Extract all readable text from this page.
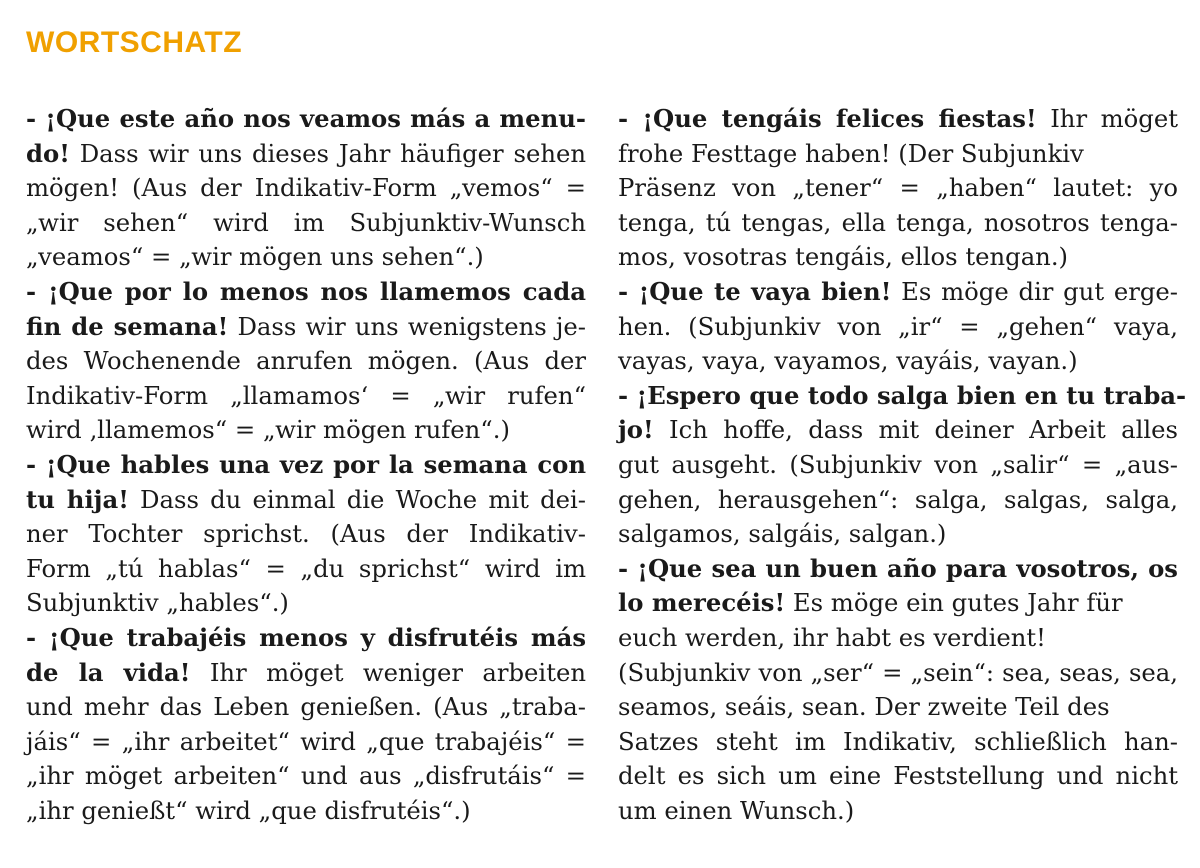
WORTSCHATZ
- ¡Que este año nos veamos más a menu-
do! Dass wir uns dieses Jahr häufiger sehen
mögen! (Aus der Indikativ-Form „vemos“ =
„wir sehen“ wird im Subjunktiv-Wunsch
„veamos“ = „wir mögen uns sehen“.)
- ¡Que por lo menos nos llamemos cada
fin de semana! Dass wir uns wenigstens je-
des Wochenende anrufen mögen. (Aus der
Indikativ-Form „llamamos‘ = „wir rufen“
wird ‚llamemos“ = „wir mögen rufen“.)
- ¡Que hables una vez por la semana con
tu hija! Dass du einmal die Woche mit dei-
ner Tochter sprichst. (Aus der Indikativ-
Form „tú hablas“ = „du sprichst“ wird im
Subjunktiv „hables“.)
- ¡Que trabajéis menos y disfrutéis más
de la vida! Ihr möget weniger arbeiten
und mehr das Leben genießen. (Aus „traba-
jáis“ = „ihr arbeitet“ wird „que trabajéis“ =
„ihr möget arbeiten“ und aus „disfrutáis“ =
„ihr genießt“ wird „que disfrutéis“.)
- ¡Que tengáis felices fiestas! Ihr möget
frohe Festtage haben! (Der Subjunkiv
Präsenz von „tener“ = „haben“ lautet: yo
tenga, tú tengas, ella tenga, nosotros tenga-
mos, vosotras tengáis, ellos tengan.)
- ¡Que te vaya bien! Es möge dir gut erge-
hen. (Subjunkiv von „ir“ = „gehen“ vaya,
vayas, vaya, vayamos, vayáis, vayan.)
- ¡Espero que todo salga bien en tu traba-
jo! Ich hoffe, dass mit deiner Arbeit alles
gut ausgeht. (Subjunkiv von „salir“ = „aus-
gehen, herausgehen“: salga, salgas, salga,
salgamos, salgáis, salgan.)
- ¡Que sea un buen año para vosotros, os
lo merecéis! Es möge ein gutes Jahr für
euch werden, ihr habt es verdient!
(Subjunkiv von „ser“ = „sein“: sea, seas, sea,
seamos, seáis, sean. Der zweite Teil des
Satzes steht im Indikativ, schließlich han-
delt es sich um eine Feststellung und nicht
um einen Wunsch.)
